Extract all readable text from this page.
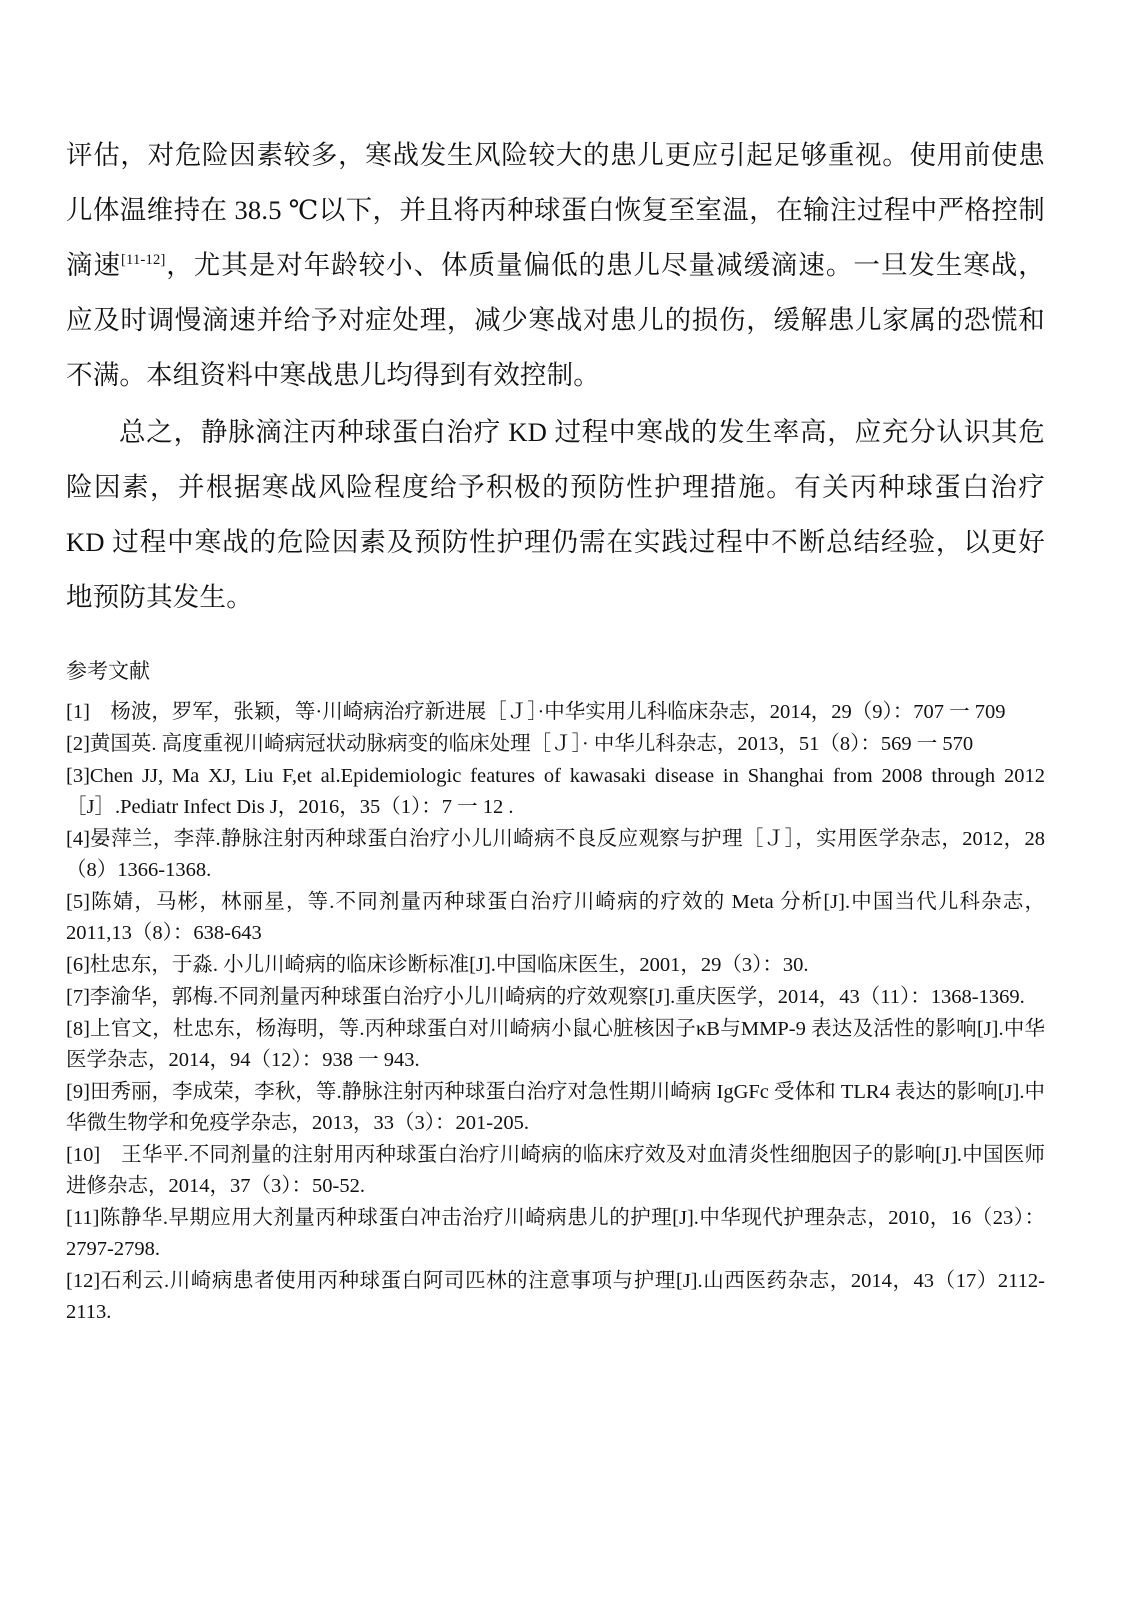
评估，对危险因素较多，寒战发生风险较大的患儿更应引起足够重视。使用前使患儿体温维持在 38.5 ℃以下，并且将丙种球蛋白恢复至室温，在输注过程中严格控制滴速[11-12]，尤其是对年龄较小、体质量偏低的患儿尽量减缓滴速。一旦发生寒战，应及时调慢滴速并给予对症处理，减少寒战对患儿的损伤，缓解患儿家属的恐慌和不满。本组资料中寒战患儿均得到有效控制。

总之，静脉滴注丙种球蛋白治疗 KD 过程中寒战的发生率高，应充分认识其危险因素，并根据寒战风险程度给予积极的预防性护理措施。有关丙种球蛋白治疗 KD 过程中寒战的危险因素及预防性护理仍需在实践过程中不断总结经验，以更好地预防其发生。

参考文献
[1]　杨波，罗军，张颖，等·川崎病治疗新进展［Ｊ］·中华实用儿科临床杂志，2014，29（9）：707 一 709
[2]黄国英. 高度重视川崎病冠状动脉病变的临床处理［Ｊ］· 中华儿科杂志，2013，51（8）：569 一 570
[3]Chen JJ, Ma XJ, Liu F,et al.Epidemiologic features of kawasaki disease in Shanghai from 2008 through 2012［J］.Pediatr Infect Dis J，2016，35（1）：7 一 12 .
[4]晏萍兰，李萍.静脉注射丙种球蛋白治疗小儿川崎病不良反应观察与护理［Ｊ］，实用医学杂志，2012，28（8）1366-1368.
[5]陈婧，马彬，林丽星，等.不同剂量丙种球蛋白治疗川崎病的疗效的 Meta 分析[J].中国当代儿科杂志，2011,13（8）：638-643
[6]杜忠东，于淼. 小儿川崎病的临床诊断标准[J].中国临床医生，2001，29（3）：30.
[7]李渝华，郭梅.不同剂量丙种球蛋白治疗小儿川崎病的疗效观察[J].重庆医学，2014，43（11）：1368-1369.
[8]上官文，杜忠东，杨海明，等.丙种球蛋白对川崎病小鼠心脏核因子κB与MMP-9 表达及活性的影响[J].中华医学杂志，2014，94（12）：938 一 943.
[9]田秀丽，李成荣，李秋，等.静脉注射丙种球蛋白治疗对急性期川崎病 IgGFc 受体和 TLR4 表达的影响[J].中华微生物学和免疫学杂志，2013，33（3）：201-205.
[10]　王华平.不同剂量的注射用丙种球蛋白治疗川崎病的临床疗效及对血清炎性细胞因子的影响[J].中国医师进修杂志，2014，37（3）：50-52.
[11]陈静华.早期应用大剂量丙种球蛋白冲击治疗川崎病患儿的护理[J].中华现代护理杂志，2010，16（23）：2797-2798.
[12]石利云.川崎病患者使用丙种球蛋白阿司匹林的注意事项与护理[J].山西医药杂志，2014，43（17）2112-2113.
